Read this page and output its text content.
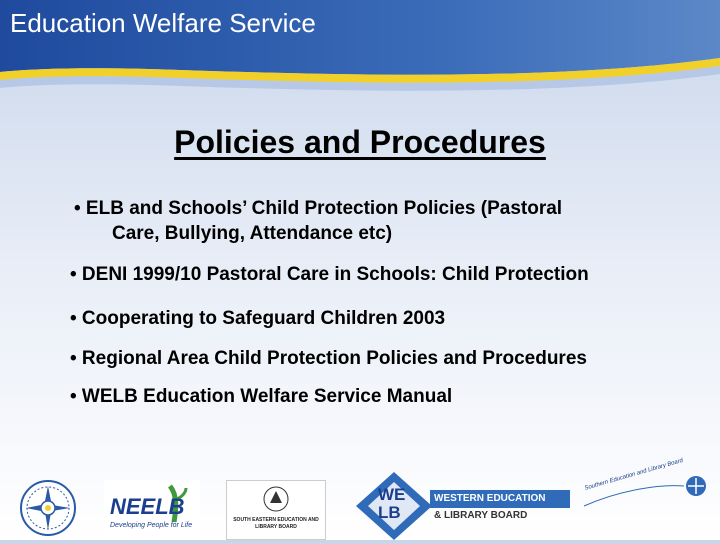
Education Welfare Service
Policies and Procedures
• ELB and Schools’ Child Protection Policies (Pastoral
Care, Bullying, Attendance etc)
• DENI 1999/10 Pastoral Care in Schools: Child Protection
• Cooperating to Safeguard Children 2003
• Regional Area Child Protection Policies and Procedures
• WELB Education Welfare Service Manual
NEELB
Developing People for Life
SOUTH EASTERN EDUCATION AND LIBRARY BOARD
WE
LB
WESTERN EDUCATION
& LIBRARY BOARD
Southern Education and Library Board
